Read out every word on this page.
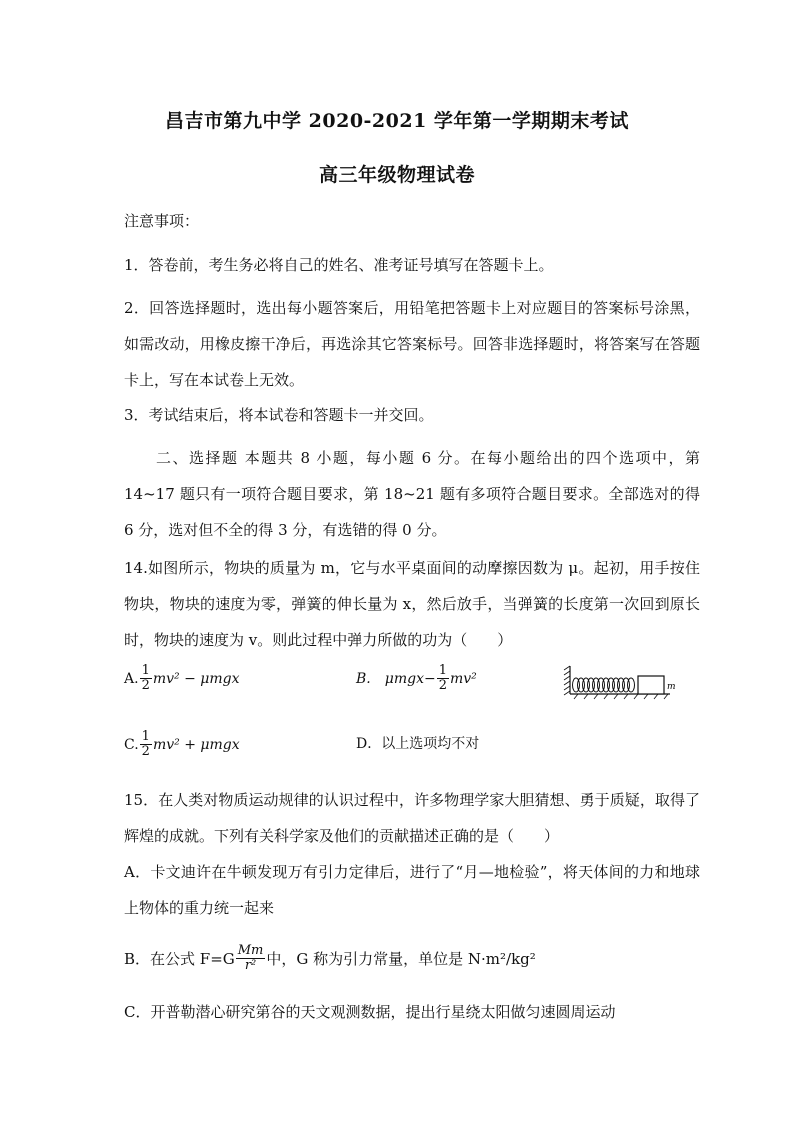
昌吉市第九中学 2020-2021 学年第一学期期末考试
高三年级物理试卷
注意事项：
1．答卷前，考生务必将自己的姓名、准考证号填写在答题卡上。
2．回答选择题时，选出每小题答案后，用铅笔把答题卡上对应题目的答案标号涂黑，如需改动，用橡皮擦干净后，再选涂其它答案标号。回答非选择题时，将答案写在答题卡上，写在本试卷上无效。
3．考试结束后，将本试卷和答题卡一并交回。
二、选择题 本题共 8 小题，每小题 6 分。在每小题给出的四个选项中，第 14~17 题只有一项符合题目要求，第 18~21 题有多项符合题目要求。全部选对的得 6 分，选对但不全的得 3 分，有选错的得 0 分。
14.如图所示，物块的质量为 m，它与水平桌面间的动摩擦因数为 μ。起初，用手按住物块，物块的速度为零，弹簧的伸长量为 x，然后放手，当弹簧的长度第一次回到原长时，物块的速度为 v。则此过程中弹力所做的功为（　　）
A. $\frac{1}{2} mv^2 - \mu mgx$	B.　$\mu mgx- \frac{1}{2} mv^2$
m
C. $\frac{1}{2} mv^2 + \mu mgx$	D．以上选项均不对
15．在人类对物质运动规律的认识过程中，许多物理学家大胆猜想、勇于质疑，取得了辉煌的成就。下列有关科学家及他们的贡献描述正确的是（　　）
A．卡文迪许在牛顿发现万有引力定律后，进行了“月—地检验”，将天体间的力和地球上物体的重力统一起来
B．在公式 $F=G \frac{Mm}{\text{r²}}$ 中，G 称为引力常量，单位是 N·m²/kg²
C．开普勒潜心研究第谷的天文观测数据，提出行星绕太阳做匀速圆周运动
